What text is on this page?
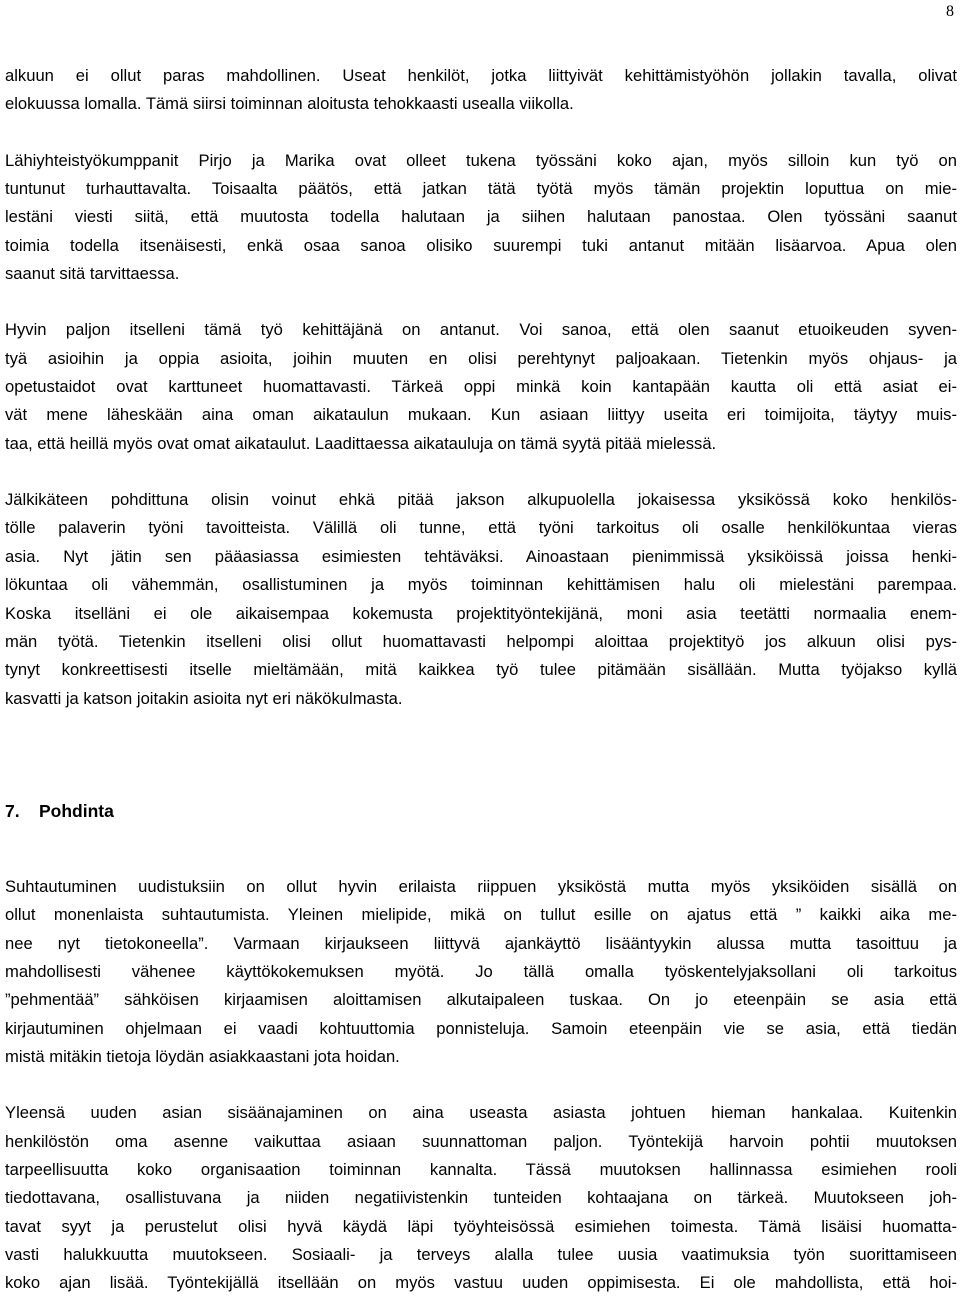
8
alkuun ei ollut paras mahdollinen. Useat henkilöt, jotka liittyivät kehittämistyöhön jollakin tavalla, olivat
elokuussa lomalla. Tämä siirsi toiminnan aloitusta tehokkaasti usealla viikolla.
Lähiyhteistyökumppanit Pirjo ja Marika ovat olleet tukena työssäni koko ajan, myös silloin kun työ on
tuntunut turhauttavalta. Toisaalta päätös, että jatkan tätä työtä myös tämän projektin loputtua on mie-
lestäni viesti siitä, että muutosta todella halutaan ja siihen halutaan panostaa. Olen työssäni saanut
toimia todella itsenäisesti, enkä osaa sanoa olisiko suurempi tuki antanut mitään lisäarvoa. Apua olen
saanut sitä tarvittaessa.
Hyvin paljon itselleni tämä työ kehittäjänä on antanut. Voi sanoa, että olen saanut etuoikeuden syven-
tyä asioihin ja oppia asioita, joihin muuten en olisi perehtynyt paljoakaan. Tietenkin myös ohjaus- ja
opetustaidot ovat karttuneet huomattavasti. Tärkeä oppi minkä koin kantapään kautta oli että asiat ei-
vät mene läheskään aina oman aikataulun mukaan. Kun asiaan liittyy useita eri toimijoita, täytyy muis-
taa, että heillä myös ovat omat aikataulut. Laadittaessa aikatauluja on tämä syytä pitää mielessä.
Jälkikäteen pohdittuna olisin voinut ehkä pitää jakson alkupuolella jokaisessa yksikössä koko henkilös-
tölle palaverin työni tavoitteista. Välillä oli tunne, että työni tarkoitus oli osalle henkilökuntaa vieras
asia. Nyt jätin sen pääasiassa esimiesten tehtäväksi. Ainoastaan pienimmissä yksiköissä joissa henki-
lökuntaa oli vähemmän, osallistuminen ja myös toiminnan kehittämisen halu oli mielestäni parempaa.
Koska itselläni ei ole aikaisempaa kokemusta projektityöntekijänä, moni asia teetätti normaalia enem-
män työtä. Tietenkin itselleni olisi ollut huomattavasti helpompi aloittaa projektityö jos alkuun olisi pys-
tynyt konkreettisesti itselle mieltämään, mitä kaikkea työ tulee pitämään sisällään. Mutta työjakso kyllä
kasvatti ja katson joitakin asioita nyt eri näkökulmasta.
7. Pohdinta
Suhtautuminen uudistuksiin on ollut hyvin erilaista riippuen yksiköstä mutta myös yksiköiden sisällä on
ollut monenlaista suhtautumista. Yleinen mielipide, mikä on tullut esille on ajatus että ” kaikki aika me-
nee nyt tietokoneella”. Varmaan kirjaukseen liittyvä ajankäyttö lisääntyykin alussa mutta tasoittuu ja
mahdollisesti vähenee käyttökokemuksen myötä. Jo tällä omalla työskentelyjaksollani oli tarkoitus
”pehmentää” sähköisen kirjaamisen aloittamisen alkutaipaleen tuskaa. On jo eteenpäin se asia että
kirjautuminen ohjelmaan ei vaadi kohtuuttomia ponnisteluja. Samoin eteenpäin vie se asia, että tiedän
mistä mitäkin tietoja löydän asiakkaastani jota hoidan.
Yleensä uuden asian sisäänajaminen on aina useasta asiasta johtuen hieman hankalaa. Kuitenkin
henkilöstön oma asenne vaikuttaa asiaan suunnattoman paljon. Työntekijä harvoin pohtii muutoksen
tarpeellisuutta koko organisaation toiminnan kannalta. Tässä muutoksen hallinnassa esimiehen rooli
tiedottavana, osallistuvana ja niiden negatiivistenkin tunteiden kohtaajana on tärkeä. Muutokseen joh-
tavat syyt ja perustelut olisi hyvä käydä läpi työyhteisössä esimiehen toimesta. Tämä lisäisi huomatta-
vasti halukkuutta muutokseen. Sosiaali- ja terveys alalla tulee uusia vaatimuksia työn suorittamiseen
koko ajan lisää. Työntekijällä itsellään on myös vastuu uuden oppimisesta. Ei ole mahdollista, että hoi-
